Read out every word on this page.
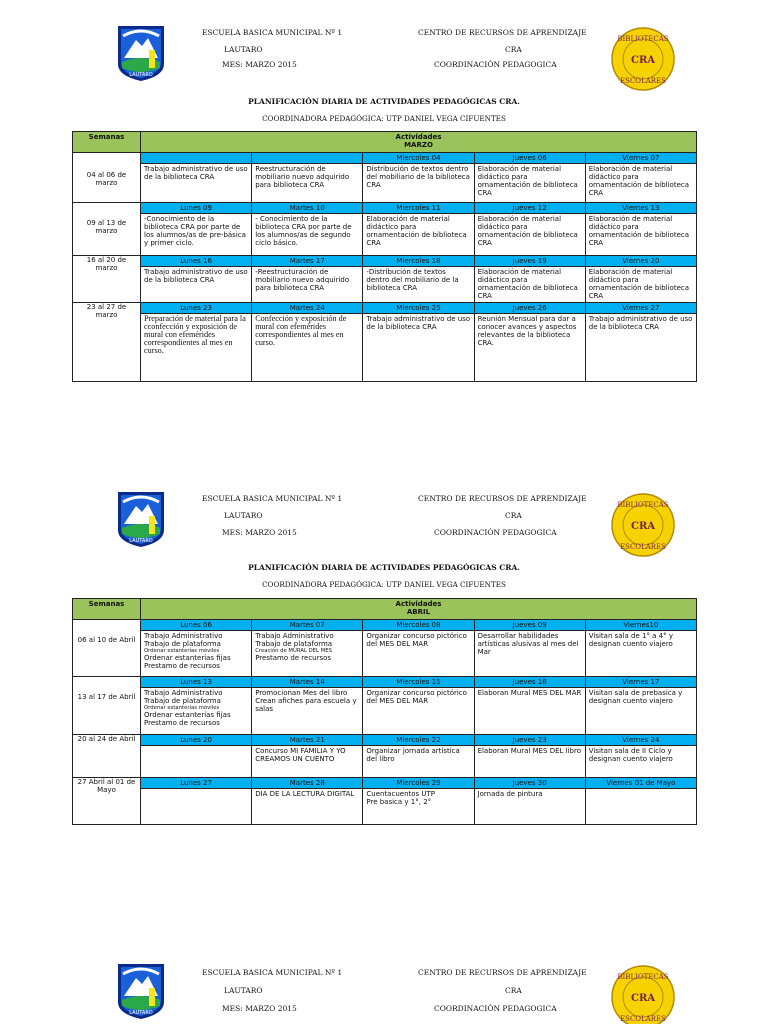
LAUTARO
ESCUELA BASICA MUNICIPAL Nº 1
LAUTARO
MES: MARZO 2015
CENTRO DE RECURSOS DE APRENDIZAJE
CRA
COORDINACIÓN PEDAGOGICA
BIBLIOTECAS
CRA
ESCOLARES
PLANIFICACIÓN DIARIA DE ACTIVIDADES PEDAGÓGICAS CRA.
COORDINADORA PEDAGÓGICA: UTP DANIEL VEGA CIFUENTES
Semanas	Actividades
MARZO				

04 al 06 de marzo			Miercoles 04	Jueves 06	Viernes 07
	Trabajo administrativo de uso de la biblioteca CRA	Reestructuración de mobiliario nuevo adquirido para biblioteca CRA	Distribución de textos dentro del mobiliario de la biblioteca CRA	Elaboración de material didáctico para ornamentación de biblioteca CRA	Elaboración de material didáctico para ornamentación de biblioteca CRA
09 al 13 de marzo	Lunes 09	Martes 10	Miercoles 11	Jueves 12	Viernes 13
	-Conocimiento de la biblioteca CRA por parte de los alumnos/as de pre-básica y primer ciclo.	- Conocimiento de la biblioteca CRA por parte de los alumnos/as de segundo ciclo básico.	Elaboración de material didáctico para ornamentación de biblioteca CRA	Elaboración de material didáctico para ornamentación de biblioteca CRA	Elaboración de material didáctico para ornamentación de biblioteca CRA
16 al 20 de marzo	Lunes 16	Martes 17	Miercoles 18	Jueves 19	Viernes 20
	Trabajo administrativo de uso de la biblioteca CRA	-Reestructuración de mobiliario nuevo adquirido para biblioteca CRA	-Distribución de textos dentro del mobiliario de la biblioteca CRA	Elaboración de material didáctico para ornamentación de biblioteca CRA	Elaboración de material didáctico para ornamentación de biblioteca CRA
23 al 27 de marzo	Lunes 23	Martes 24	Miercoles 25	Jueves 26	Viernes 27
	Preparación de material para la cconfección y exposición de mural con efemérides correspondientes al mes en curso.	Confección y exposición de mural con efemérides correspondientes al mes en curso.	Trabajo administrativo de uso de la biblioteca CRA	Reunión Mensual para dar a conocer avances y aspectos relevantes de la biblioteca CRA.	Trabajo administrativo de uso de la biblioteca CRA
LAUTARO
ESCUELA BASICA MUNICIPAL Nº 1
LAUTARO
MES: MARZO 2015
CENTRO DE RECURSOS DE APRENDIZAJE
CRA
COORDINACIÓN PEDAGOGICA
BIBLIOTECAS
CRA
ESCOLARES
PLANIFICACIÓN DIARIA DE ACTIVIDADES PEDAGÓGICAS CRA.
COORDINADORA PEDAGÓGICA: UTP DANIEL VEGA CIFUENTES
Semanas	Actividades
ABRIL				

06 al 10 de Abril	Lunes 06	Martes 07	Miercoles 08	Jueves 09	Viernes10

	Trabajo Administrativo
Trabajo de plataforma
Ordenar estanterías móviles
Ordenar estanterías fijas
Prestamo de recursos	Trabajo Administrativo
Trabajo de plataforma
Creación de MURAL DEL MES
Prestamo de recursos	Organizar concurso pictórico del MES DEL MAR	Desarrollar habilidades artísticas alusivas al mes del Mar	Visitan sala de 1° a 4° y designan cuento viajero

13 al 17 de Abril	Lunes 13	Martes 14	Miercoles 15	Jueves 16	Viernes 17

	Trabajo Administrativo
Trabajo de plataforma
Ordenar estanterías móviles
Ordenar estanterías fijas
Prestamo de recursos	Promocionan Mes del libro
Crean afiches para escuela y salas	Organizar concurso pictórico del MES DEL MAR	Elaboran Mural MES DEL MAR	Visitan sala de prebasica y designan cuento viajero

20 al 24 de Abril	Lunes 20	Martes 21	Miercoles 22	Jueves 23	Viernes 24

		Concurso MI FAMILIA Y YO CREAMOS UN CUENTO	Organizar jornada artística del libro	Elaboran Mural MES DEL libro	Visitan sala de II Ciclo y designan cuento viajero

27 Abril al 01 de Mayo	Lunes 27	Martes 28	Miercoles 29	Jueves 30	Viernes 01 de Mayo

		DIA DE LA LECTURA DIGITAL	Cuentacuentos UTP
Pre basica y 1°, 2°	Jornada de pintura	

LAUTARO
ESCUELA BASICA MUNICIPAL Nº 1
LAUTARO
MES: MARZO 2015
CENTRO DE RECURSOS DE APRENDIZAJE
CRA
COORDINACIÓN PEDAGOGICA
BIBLIOTECAS
CRA
ESCOLARES
